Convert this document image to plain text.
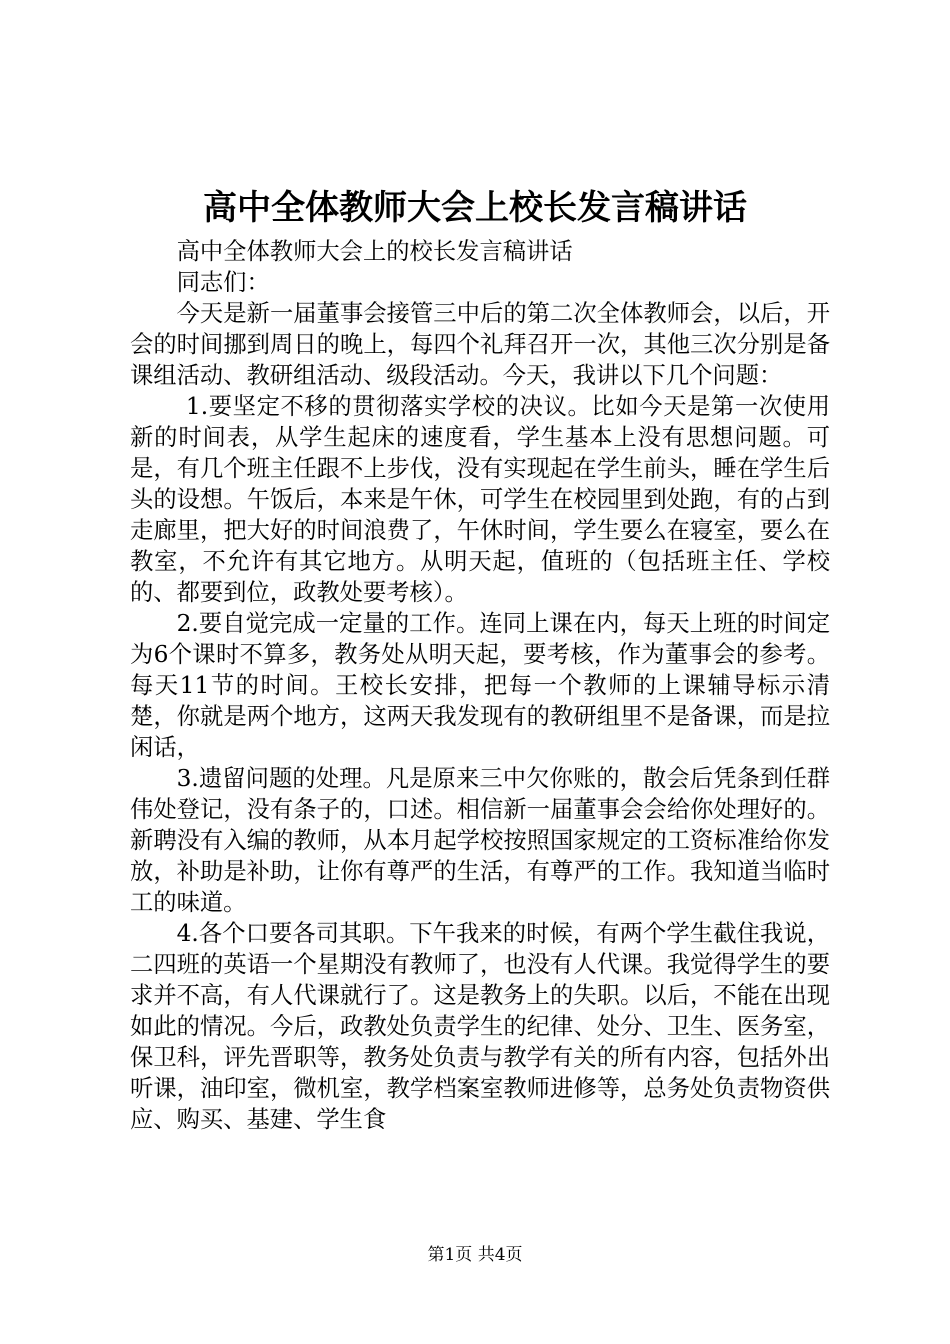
高中全体教师大会上校长发言稿讲话

高中全体教师大会上的校长发言稿讲话

同志们：

今天是新一届董事会接管三中后的第二次全体教师会，以后，开会的时间挪到周日的晚上，每四个礼拜召开一次，其他三次分别是备课组活动、教研组活动、级段活动。今天，我讲以下几个问题：

1.要坚定不移的贯彻落实学校的决议。比如今天是第一次使用新的时间表，从学生起床的速度看，学生基本上没有思想问题。可是，有几个班主任跟不上步伐，没有实现起在学生前头，睡在学生后头的设想。午饭后，本来是午休，可学生在校园里到处跑，有的占到走廊里，把大好的时间浪费了，午休时间，学生要么在寝室，要么在教室，不允许有其它地方。从明天起，值班的（包括班主任、学校的、都要到位，政教处要考核）。

2.要自觉完成一定量的工作。连同上课在内，每天上班的时间定为6个课时不算多，教务处从明天起，要考核，作为董事会的参考。每天11节的时间。王校长安排，把每一个教师的上课辅导标示清楚，你就是两个地方，这两天我发现有的教研组里不是备课，而是拉闲话，

3.遗留问题的处理。凡是原来三中欠你账的，散会后凭条到任群伟处登记，没有条子的，口述。相信新一届董事会会给你处理好的。新聘没有入编的教师，从本月起学校按照国家规定的工资标准给你发放，补助是补助，让你有尊严的生活，有尊严的工作。我知道当临时工的味道。

4.各个口要各司其职。下午我来的时候，有两个学生截住我说，二四班的英语一个星期没有教师了，也没有人代课。我觉得学生的要求并不高，有人代课就行了。这是教务上的失职。以后，不能在出现如此的情况。今后，政教处负责学生的纪律、处分、卫生、医务室，保卫科，评先晋职等，教务处负责与教学有关的所有内容，包括外出听课，油印室，微机室，教学档案室教师进修等，总务处负责物资供应、购买、基建、学生食

第1页 共4页
